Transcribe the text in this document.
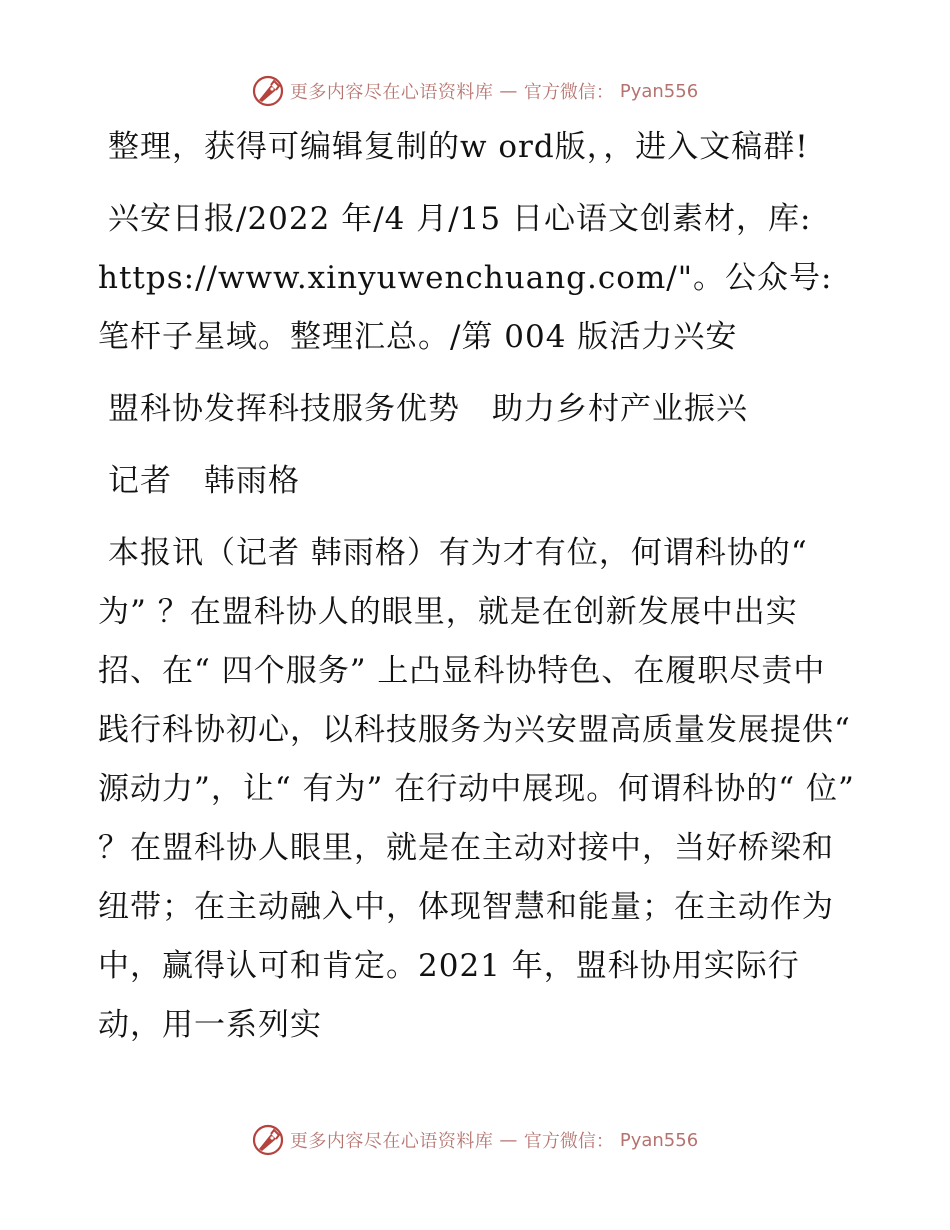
更多内容尽在心语资料库 — 官方微信： Pyan556

整理，获得可编辑复制的w ord版，，进入文稿群!

兴安日报/2022 年/4 月/15 日心语文创素材，库: https://www.xinyuwenchuang.com/"。公众号: 笔杆子星域。整理汇总。/第 004 版活力兴安

盟科协发挥科技服务优势　助力乡村产业振兴

记者　韩雨格

本报讯（记者 韩雨格）有为才有位，何谓科协的“ 为” ？在盟科协人的眼里，就是在创新发展中出实招、在“ 四个服务” 上凸显科协特色、在履职尽责中践行科协初心，以科技服务为兴安盟高质量发展提供“ 源动力”，让“ 有为” 在行动中展现。何谓科协的“ 位” ？在盟科协人眼里，就是在主动对接中，当好桥梁和纽带；在主动融入中，体现智慧和能量；在主动作为中，赢得认可和肯定。2021 年，盟科协用实际行动，用一系列实

更多内容尽在心语资料库 — 官方微信： Pyan556
